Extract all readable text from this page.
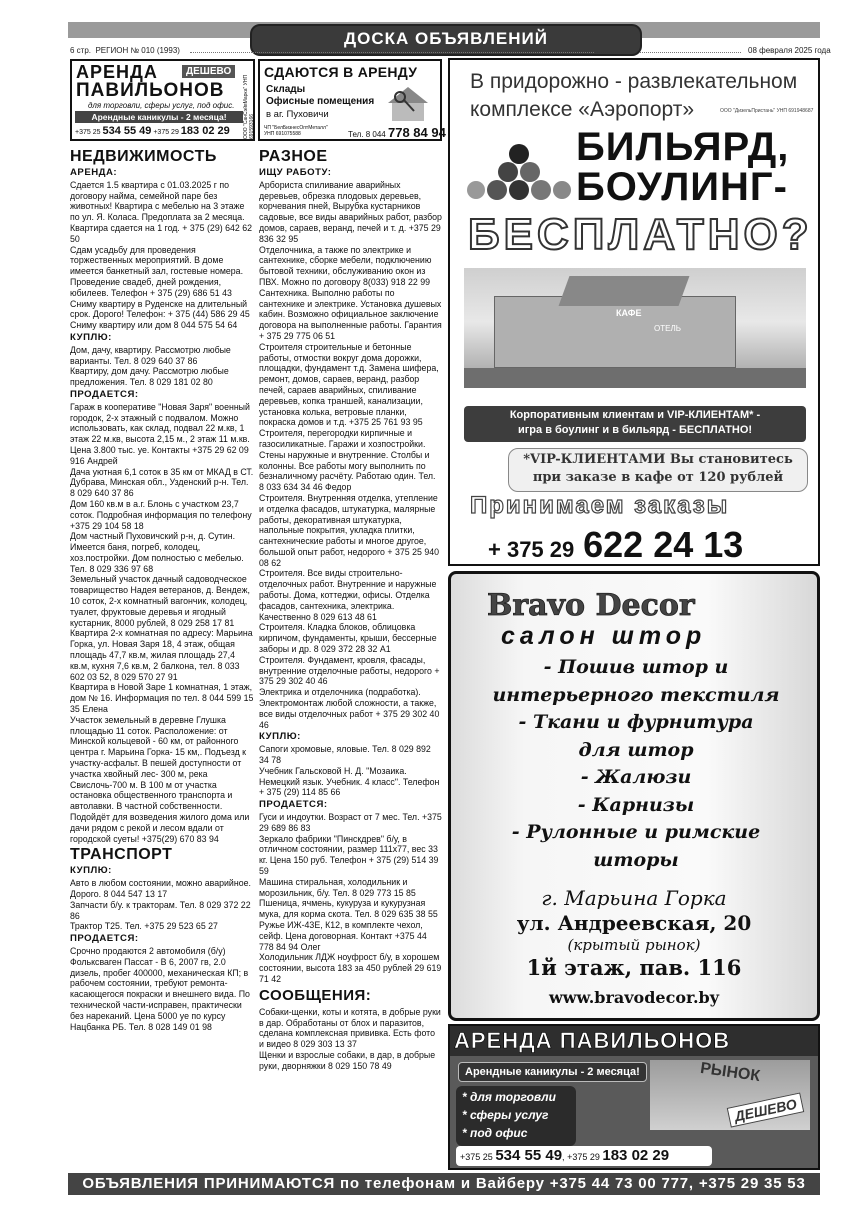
ДОСКА ОБЪЯВЛЕНИЙ
6 стр. РЕГИОН № 010 (1993)	08 февраля 2025 года
АРЕНДА	ДЕШЕВО
ПАВИЛЬОНОВ
для торговли, сферы услуг, под офис.
Арендные каникулы - 2 месяца!
+375 25 534 55 49 +375 29 183 02 29	ООО "СанСэйвМарка" УНП 691593166
СДАЮТСЯ В АРЕНДУ
Склады
Офисные помещения
в аг. Пуховичи
ЧП "БелБизнесОптМеталл" УНП 691075588	Тел. 8 044 778 84 94
НЕДВИЖИМОСТЬ
АРЕНДА:

Сдается 1.5 квартира с 01.03.2025 г по договору найма, семейной паре без животных! Квартира с мебелью на 3 этаже по ул. Я. Коласа. Предоплата за 2 месяца. Квартира сдается на 1 год. + 375 (29) 642 62 50

Сдам усадьбу для проведения торжественных мероприятий. В доме имеется банкетный зал, гостевые номера. Проведение свадеб, дней рождения, юбилеев. Телефон + 375 (29) 686 51 43

Сниму квартиру в Руденске на длительный срок. Дорого! Телефон: + 375 (44) 586 29 45

Сниму квартиру или дом 8 044 575 54 64

КУПЛЮ:

Дом, дачу, квартиру. Рассмотрю любые варианты. Тел. 8 029 640 37 86

Квартиру, дом дачу. Рассмотрю любые предложения. Тел. 8 029 181 02 80

ПРОДАЕТСЯ:

Гараж в кооперативе "Новая Заря" военный городок, 2-х этажный с подвалом. Можно использовать, как склад, подвал 22 м.кв, 1 этаж 22 м.кв, высота 2,15 м., 2 этаж 11 м.кв. Цена 3.800 тыс. уе. Контакты +375 29 62 09 916 Андрей

Дача уютная 6,1 соток в 35 км от МКАД в СТ. Дубрава, Минская обл., Узденский р-н. Тел. 8 029 640 37 86

Дом 160 кв.м в а.г. Блонь с участком 23,7 соток. Подробная информация по телефону +375 29 104 58 18

Дом частный Пуховичский р-н, д. Сутин. Имеется баня, погреб, колодец, хоз.постройки. Дом полностью с мебелью. Тел. 8 029 336 97 68

Земельный участок дачный садоводческое товарищество Надея ветеранов, д. Вендеж, 10 соток, 2-х комнатный вагончик, колодец, туалет, фруктовые деревья и ягодный кустарник, 8000 рублей, 8 029 258 17 81

Квартира 2-х комнатная по адресу: Марьина Горка, ул. Новая Заря 18, 4 этаж, общая площадь 47,7 кв.м, жилая площадь 27,4 кв.м, кухня 7,6 кв.м, 2 балкона, тел. 8 033 602 03 52, 8 029 570 27 91

Квартира в Новой Заре 1 комнатная, 1 этаж, дом № 16. Информация по тел. 8 044 599 15 35 Елена

Участок земельный в деревне Глушка площадью 11 соток. Расположение: от Минской кольцевой - 60 км, от районного центра г. Марьина Горка- 15 км,. Подъезд к участку-асфальт. В пешей доступности от участка хвойный лес- 300 м, река Свислочь-700 м. В 100 м от участка остановка общественного транспорта и автолавки. В частной собственности. Подойдёт для возведения жилого дома или дачи рядом с рекой и лесом вдали от городской суеты! +375(29) 670 83 94

ТРАНСПОРТ
КУПЛЮ:

Авто в любом состоянии, можно аварийное. Дорого. 8 044 547 13 17

Запчасти б/у. к тракторам. Тел. 8 029 372 22 86

Трактор Т25. Тел. +375 29 523 65 27

ПРОДАЕТСЯ:

Срочно продаются 2 автомобиля (б/у) Фольксваген Пассат - В 6, 2007 гв, 2.0 дизель, пробег 400000, механическая КП; в рабочем состоянии, требуют ремонта-касающегося покраски и внешнего вида. По технической части-исправен, практически без нареканий. Цена 5000 уе по курсу Нацбанка РБ. Тел. 8 028 149 01 98

РАЗНОЕ
ИЩУ РАБОТУ:

Арбориста спиливание аварийных деревьев, обрезка плодовых деревьев, корчевания пней, Вырубка кустарников садовые, все виды аварийных работ, разбор домов, сараев, веранд, печей и т. д. +375 29 836 32 95

Отделочника, а также по электрике и сантехнике, сборке мебели, подключению бытовой техники, обслуживанию окон из ПВХ. Можно по договору 8(033) 918 22 99

Сантехника. Выполню работы по сантехнике и электрике. Установка душевых кабин. Возможно официальное заключение договора на выполненные работы. Гарантия + 375 29 775 06 51

Строителя строительные и бетонные работы, отмостки вокруг дома дорожки, площадки, фундамент т.д. Замена шифера, ремонт, домов, сараев, веранд, разбор печей, сараев аварийных, спиливание деревьев, копка траншей, канализации, установка колька, ветровые планки, покраска домов и т.д. +375 25 761 93 95

Строителя, перегородки кирпичные и газосиликатные. Гаражи и хозпостройки. Стены наружные и внутренние. Столбы и колонны. Все работы могу выполнить по безналичному расчёту. Работаю один. Тел. 8 033 634 34 46 Федор

Строителя. Внутренняя отделка, утепление и отделка фасадов, штукатурка, малярные работы, декоративная штукатурка, напольные покрытия, укладка плитки, сантехнические работы и многое другое, большой опыт работ, недорого + 375 25 940 08 62

Строителя. Все виды строительно-отделочных работ. Внутренние и наружные работы. Дома, коттеджи, офисы. Отделка фасадов, сантехника, электрика. Качественно 8 029 613 48 61

Строителя. Кладка блоков, облицовка кирпичом, фундаменты, крыши, бессерные заборы и др. 8 029 372 28 32 А1

Строителя. Фундамент, кровля, фасады, внутренние отделочные работы, недорого + 375 29 302 40 46

Электрика и отделочника (подработка). Электромонтаж любой сложности, а также, все виды отделочных работ + 375 29 302 40 46

КУПЛЮ:

Сапоги хромовые, яловые. Тел. 8 029 892 34 78

Учебник Гальсковой Н. Д. "Мозаика. Немецкий язык. Учебник. 4 класс". Телефон + 375 (29) 114 85 66

ПРОДАЕТСЯ:

Гуси и индоутки. Возраст от 7 мес. Тел. +375 29 689 86 83

Зеркало фабрики "Пинскдрев" б/у, в отличном состоянии, размер 111х77, вес 33 кг. Цена 150 руб. Телефон + 375 (29) 514 39 59

Машина стиральная, холодильник и морозильник, б/у. Тел. 8 029 773 15 85

Пшеница, ячмень, кукуруза и кукурузная мука, для корма скота. Тел. 8 029 635 38 55

Ружье ИЖ-43Е, К12, в комплекте чехол, сейф. Цена договорная. Контакт +375 44 778 84 94 Олег

Холодильник ЛДЖ ноуфрост б/у, в хорошем состоянии, высота 183 за 450 рублей 29 619 71 42

СООБЩЕНИЯ:

Собаки-щенки, коты и котята, в добрые руки в дар. Обработаны от блох и паразитов, сделана комплексная прививка. Есть фото и видео 8 029 303 13 37

Щенки и взрослые собаки, в дар, в добрые руки, дворняжки 8 029 150 78 49

В придорожно - развлекательном
комплексе «Аэропорт»	ООО "ДизельПристань" УНП 691948687
БИЛЬЯРД,
БОУЛИНГ-
БЕСПЛАТНО?
КАФЕ
ОТЕЛЬ
Корпоративным клиентам и VIP-КЛИЕНТАМ* -
игра в боулинг и в бильярд - БЕСПЛАТНО!
*VIP-КЛИЕНТАМИ Вы становитесь
при заказе в кафе от 120 рублей
Принимаем заказы
+ 375 29 622 24 13
Bravo Decor
салон штор
- Пошив штор и
интерьерного текстиля
- Ткани и фурнитура
для штор
- Жалюзи
- Карнизы
- Рулонные и римские
шторы
г. Марьина Горка
ул. Андреевская, 20
(крытый рынок)
1й этаж, пав. 116
www.bravodecor.by
АРЕНДА ПАВИЛЬОНОВ
РЫНОК
Арендные каникулы - 2 месяца!
* для торговли
* сферы услуг
* под офис
ДЕШЕВО
+375 25 534 55 49, +375 29 183 02 29
ОБЪЯВЛЕНИЯ ПРИНИМАЮТСЯ по телефонам и Вайберу +375 44 73 00 777, +375 29 35 53 005
